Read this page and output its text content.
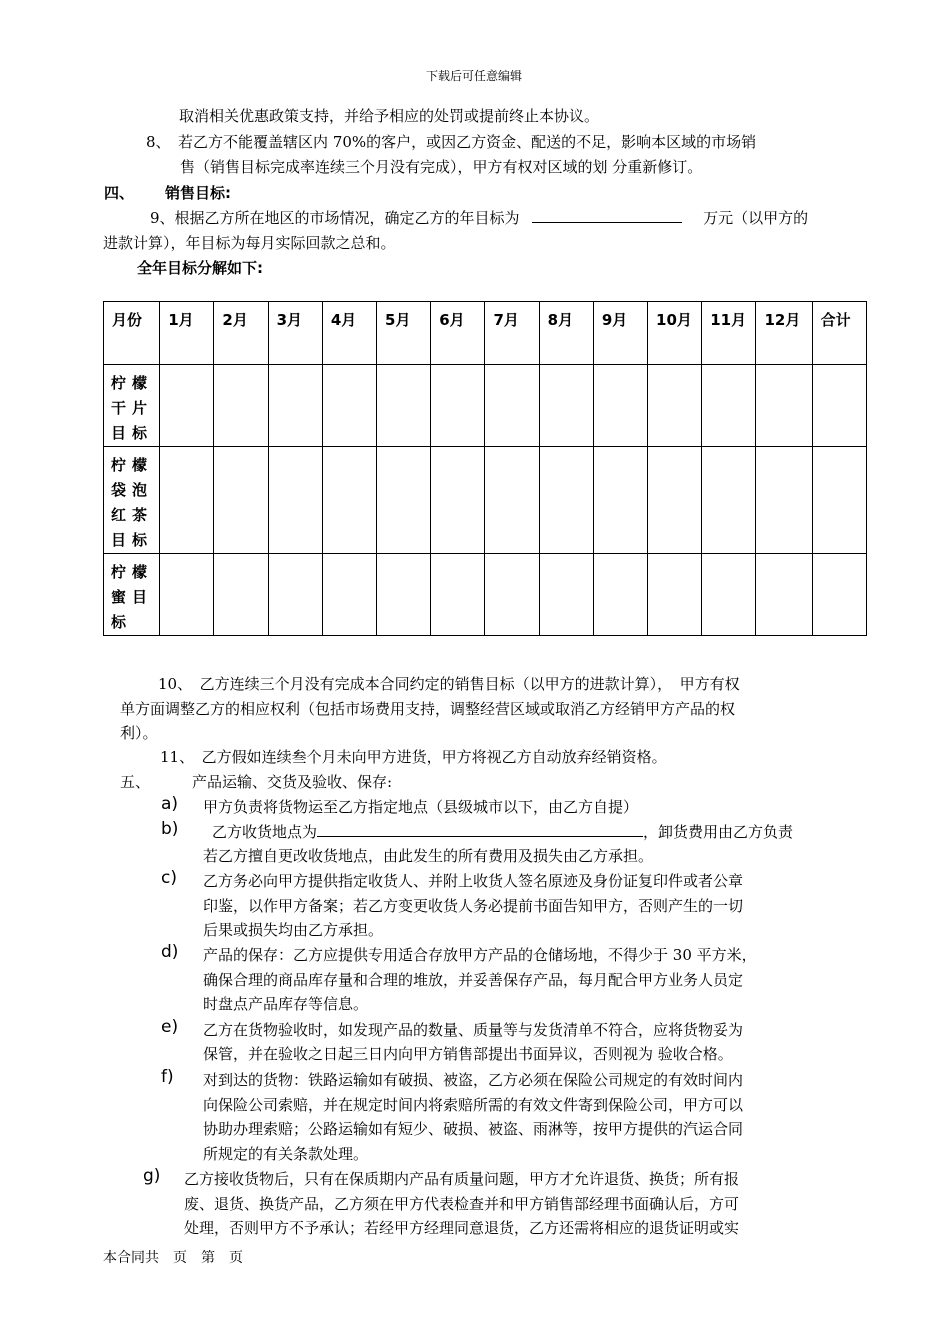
下载后可任意编辑
取消相关优惠政策支持，并给予相应的处罚或提前终止本协议。
8、　若乙方不能覆盖辖区内 70%的客户，或因乙方资金、配送的不足，影响本区域的市场销
售（销售目标完成率连续三个月没有完成），甲方有权对区域的划 分重新修订。
四、 销售目标:
9、根据乙方所在地区的市场情况，确定乙方的年目标为	万元（以甲方的
进款计算），年目标为每月实际回款之总和。
全年目标分解如下:
月份	1月	2月	3月	4月	5月	6月	7月	8月	9月	10月	11月	12月	合计
柠檬干片目标													
柠檬袋泡红茶目标													
柠檬蜜目标													
10、　乙方连续三个月没有完成本合同约定的销售目标（以甲方的进款计算），　甲方有权
单方面调整乙方的相应权利（包括市场费用支持，调整经营区域或取消乙方经销甲方产品的权
利）。
11、　乙方假如连续叁个月未向甲方进货，甲方将视乙方自动放弃经销资格。
五、	产品运输、交货及验收、保存:
a) 甲方负责将货物运至乙方指定地点（县级城市以下，由乙方自提）
b) 乙方收货地点为	，卸货费用由乙方负责
若乙方擅自更改收货地点，由此发生的所有费用及损失由乙方承担。
c) 乙方务必向甲方提供指定收货人、并附上收货人签名原迹及身份证复印件或者公章
印鉴，以作甲方备案；若乙方变更收货人务必提前书面告知甲方，否则产生的一切
后果或损失均由乙方承担。
d) 产品的保存：乙方应提供专用适合存放甲方产品的仓储场地，不得少于 30 平方米，
确保合理的商品库存量和合理的堆放，并妥善保存产品，每月配合甲方业务人员定
时盘点产品库存等信息。
e) 乙方在货物验收时，如发现产品的数量、质量等与发货清单不符合，应将货物妥为
保管，并在验收之日起三日内向甲方销售部提出书面异议，否则视为 验收合格。
f) 对到达的货物：铁路运输如有破损、被盗，乙方必须在保险公司规定的有效时间内
向保险公司索赔，并在规定时间内将索赔所需的有效文件寄到保险公司，甲方可以
协助办理索赔；公路运输如有短少、破损、被盗、雨淋等，按甲方提供的汽运合同
所规定的有关条款处理。
g) 乙方接收货物后，只有在保质期内产品有质量问题，甲方才允许退货、换货；所有报
废、退货、换货产品，乙方须在甲方代表检查并和甲方销售部经理书面确认后，方可
处理，否则甲方不予承认；若经甲方经理同意退货，乙方还需将相应的退货证明或实
本合同共　页　第　页
